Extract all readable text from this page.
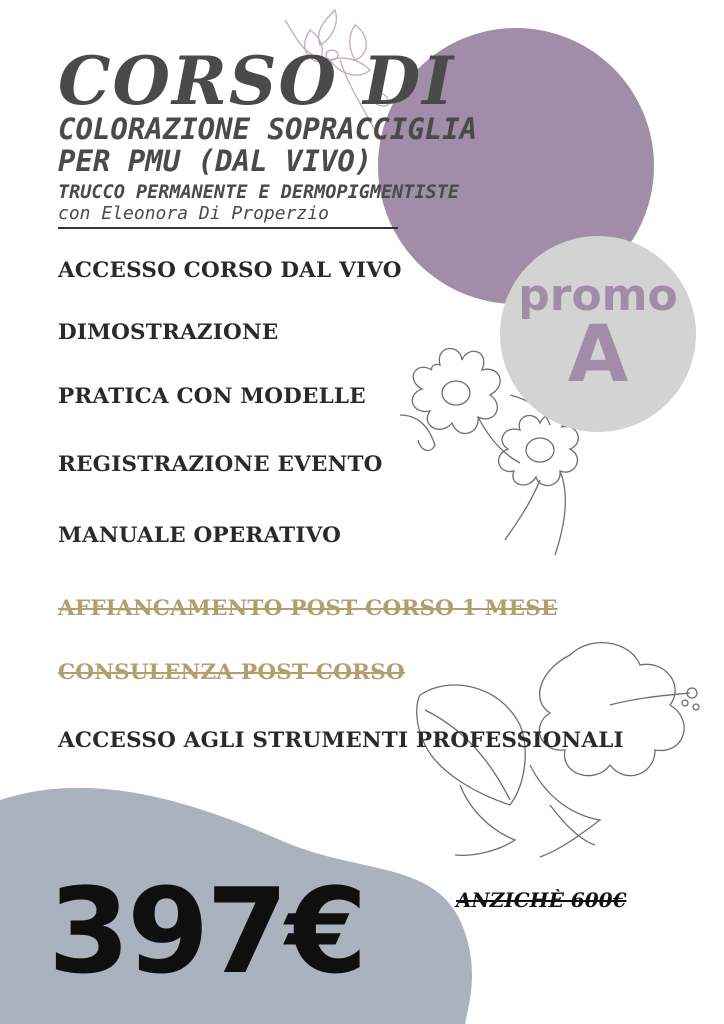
promo
A
CORSO DI
COLORAZIONE SOPRACCIGLIA
PER PMU (DAL VIVO)
TRUCCO PERMANENTE E DERMOPIGMENTISTE
con Eleonora Di Properzio
ACCESSO CORSO DAL VIVO
DIMOSTRAZIONE
PRATICA CON MODELLE
REGISTRAZIONE EVENTO
MANUALE OPERATIVO
AFFIANCAMENTO POST CORSO 1 MESE
CONSULENZA POST CORSO
ACCESSO AGLI STRUMENTI PROFESSIONALI
397€	ANZICHÈ 600€
